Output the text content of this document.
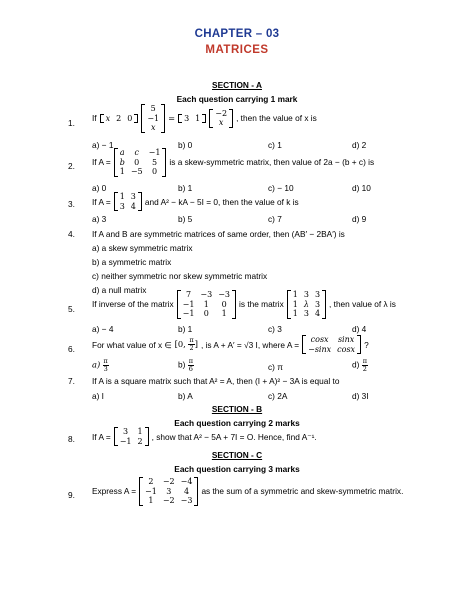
CHAPTER – 03
MATRICES
SECTION - A
Each question carrying 1 mark
1. If x 2 0
5
−1
x
= 3 1
−2
x	, then the value of x is
a) − 1	b) 0	c) 1	d) 2
2. If A =
a	c	−1
b	0	5
1 −5	0
is a skew-symmetric matrix, then value of 2a − (b + c) is
a) 0	b) 1	c) − 10	d) 10
3. If A = 1 3
3 4 and A² − kA − 5I = 0, then the value of k is
a) 3	b) 5	c) 7	d) 9
4. If A and B are symmetric matrices of same order, then (AB′ − 2BA′) is
a) a skew symmetric matrix
b) a symmetric matrix
c) neither symmetric nor skew symmetric matrix
d) a null matrix
5. If inverse of the matrix
7	−3 −3
−1	1	0
−1	0	1
is the matrix
1 3 3
1 λ 3
1 3 4
, then value of λ is
a) − 4	b) 1	c) 3	d) 4
6. For what value of x ∈ [0, $\frac{\pi}{2}$ ] , is A + A′ = √3 I, where A =	cosx	sinx
−sinx cosx ?
$a) \frac{\pi}{3}$	$b) \frac{\pi}{6}$	c) π	$d) \frac{\pi}{2}$
7. If A is a square matrix such that A² = A, then (I + A)² − 3A is equal to
a) I	b) A	c) 2A	d) 3I
SECTION - B
Each question carrying 2 marks
8. If A =	3	1
−1 2 , show that A² − 5A + 7I = O. Hence, find A⁻¹.
SECTION - C
Each question carrying 3 marks
9. Express A =
2	−2 −4
−1	3	4
1	−2 −3
as the sum of a symmetric and skew-symmetric matrix.
